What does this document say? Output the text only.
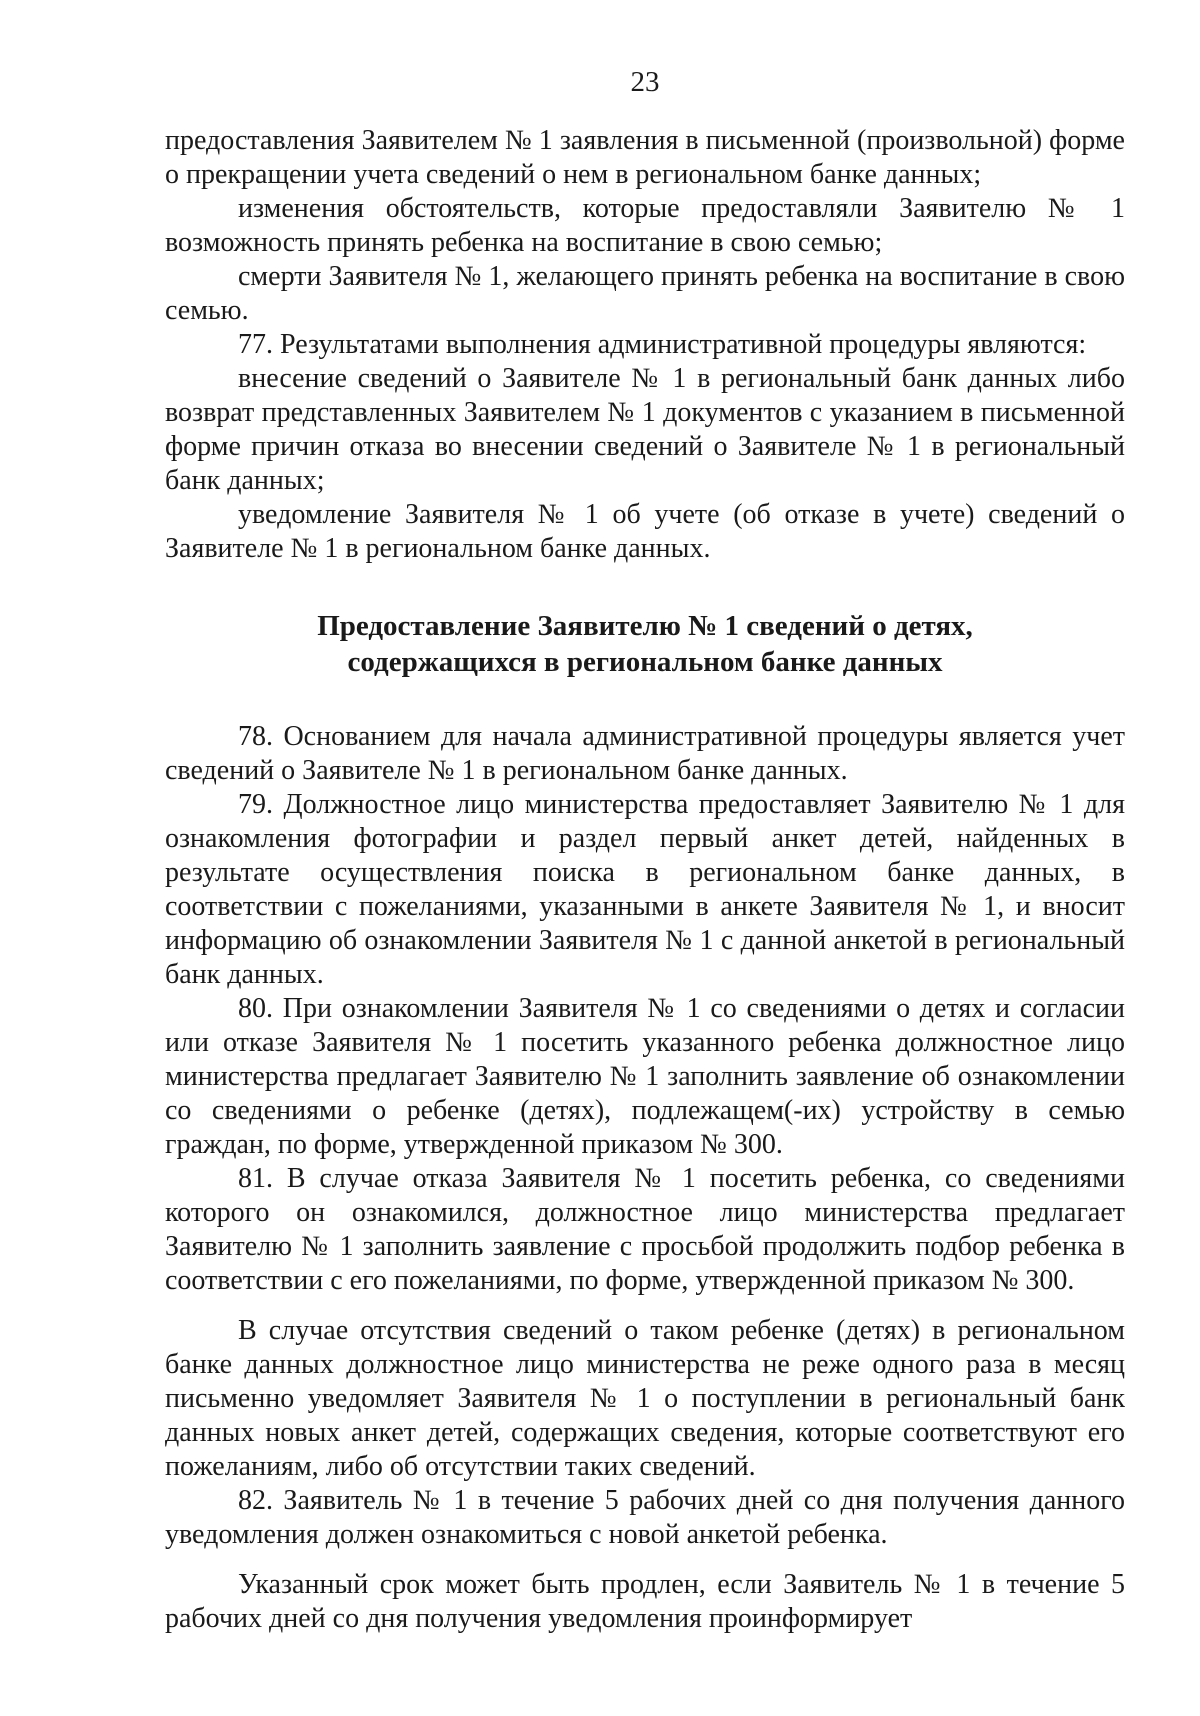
23

предоставления Заявителем № 1 заявления в письменной (произвольной) форме о прекращении учета сведений о нем в региональном банке данных;

изменения обстоятельств, которые предоставляли Заявителю № 1 возможность принять ребенка на воспитание в свою семью;

смерти Заявителя № 1, желающего принять ребенка на воспитание в свою семью.

77. Результатами выполнения административной процедуры являются:

внесение сведений о Заявителе № 1 в региональный банк данных либо возврат представленных Заявителем № 1 документов с указанием в письменной форме причин отказа во внесении сведений о Заявителе № 1 в региональный банк данных;

уведомление Заявителя № 1 об учете (об отказе в учете) сведений о Заявителе № 1 в региональном банке данных.

Предоставление Заявителю № 1 сведений о детях,
содержащихся в региональном банке данных

78. Основанием для начала административной процедуры является учет сведений о Заявителе № 1 в региональном банке данных.

79. Должностное лицо министерства предоставляет Заявителю № 1 для ознакомления фотографии и раздел первый анкет детей, найденных в результате осуществления поиска в региональном банке данных, в соответствии с пожеланиями, указанными в анкете Заявителя № 1, и вносит информацию об ознакомлении Заявителя № 1 с данной анкетой в региональный банк данных.

80. При ознакомлении Заявителя № 1 со сведениями о детях и согласии или отказе Заявителя № 1 посетить указанного ребенка должностное лицо министерства предлагает Заявителю № 1 заполнить заявление об ознакомлении со сведениями о ребенке (детях), подлежащем(-их) устройству в семью граждан, по форме, утвержденной приказом № 300.

81. В случае отказа Заявителя № 1 посетить ребенка, со сведениями которого он ознакомился, должностное лицо министерства предлагает Заявителю № 1 заполнить заявление с просьбой продолжить подбор ребенка в соответствии с его пожеланиями, по форме, утвержденной приказом № 300.

В случае отсутствия сведений о таком ребенке (детях) в региональном банке данных должностное лицо министерства не реже одного раза в месяц письменно уведомляет Заявителя № 1 о поступлении в региональный банк данных новых анкет детей, содержащих сведения, которые соответствуют его пожеланиям, либо об отсутствии таких сведений.

82. Заявитель № 1 в течение 5 рабочих дней со дня получения данного уведомления должен ознакомиться с новой анкетой ребенка.

Указанный срок может быть продлен, если Заявитель № 1 в течение 5 рабочих дней со дня получения уведомления проинформирует
